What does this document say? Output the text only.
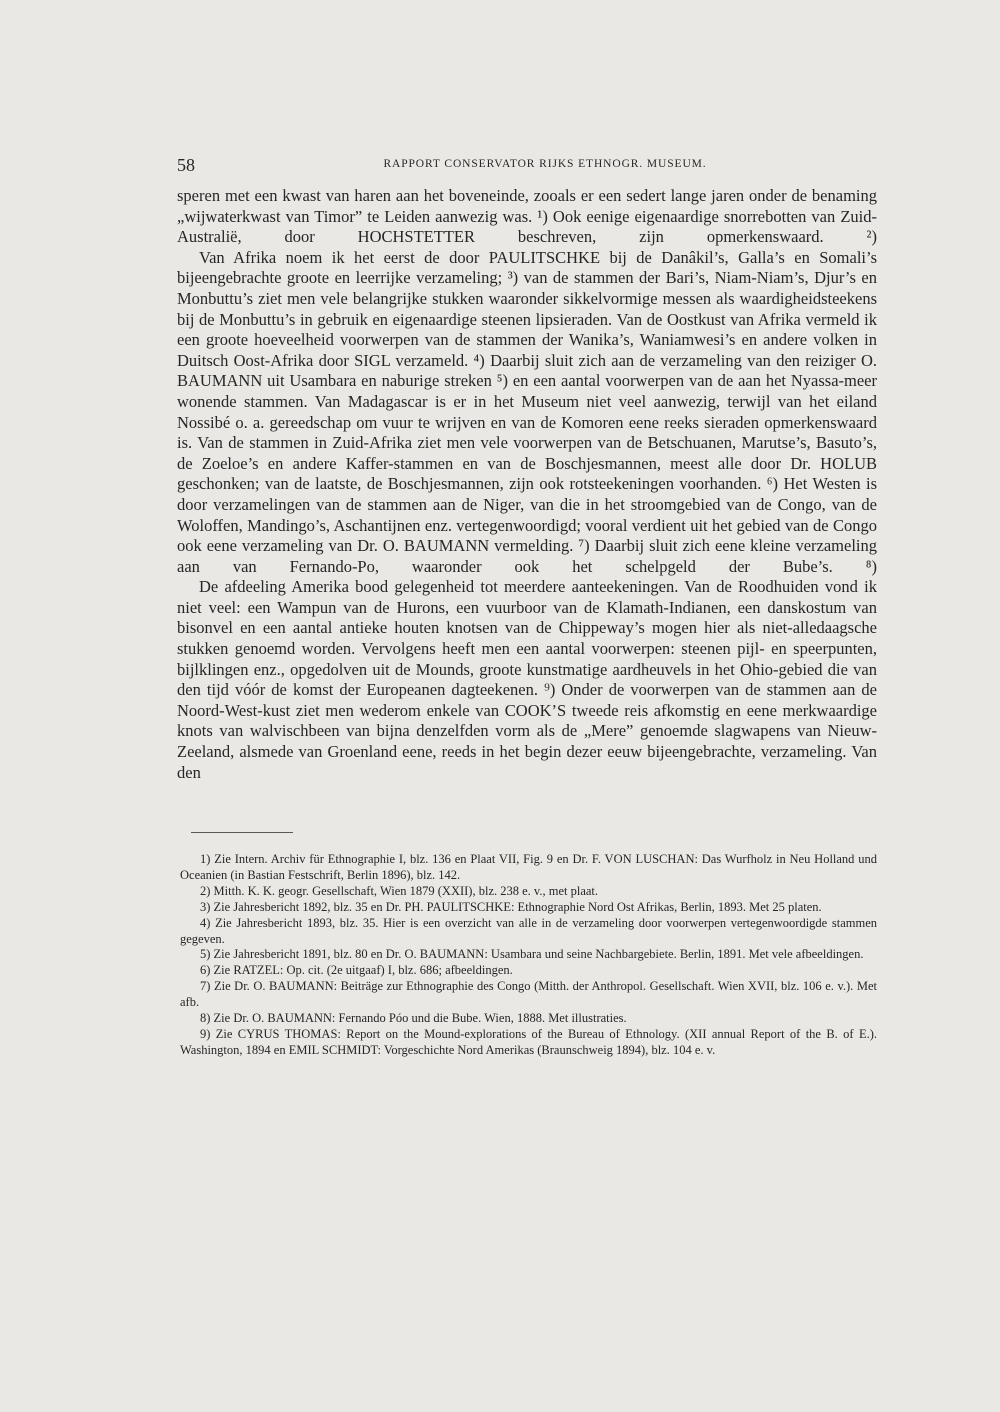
58	RAPPORT CONSERVATOR RIJKS ETHNOGR. MUSEUM.

speren met een kwast van haren aan het boveneinde, zooals er een sedert lange jaren onder de benaming „wijwaterkwast van Timor” te Leiden aanwezig was. ¹) Ook eenige eigenaardige snorrebotten van Zuid-Australië, door HOCHSTETTER beschreven, zijn opmerkenswaard. ²)

Van Afrika noem ik het eerst de door PAULITSCHKE bij de Danâkil’s, Galla’s en Somali’s bijeengebrachte groote en leerrijke verzameling; ³) van de stammen der Bari’s, Niam-Niam’s, Djur’s en Monbuttu’s ziet men vele belangrijke stukken waaronder sikkelvormige messen als waardigheidsteekens bij de Monbuttu’s in gebruik en eigenaardige steenen lipsieraden. Van de Oostkust van Afrika vermeld ik een groote hoeveelheid voorwerpen van de stammen der Wanika’s, Waniamwesi’s en andere volken in Duitsch Oost-Afrika door SIGL verzameld. ⁴) Daarbij sluit zich aan de verzameling van den reiziger O. BAUMANN uit Usambara en naburige streken ⁵) en een aantal voorwerpen van de aan het Nyassa-meer wonende stammen. Van Madagascar is er in het Museum niet veel aanwezig, terwijl van het eiland Nossibé o. a. gereedschap om vuur te wrijven en van de Komoren eene reeks sieraden opmerkenswaard is. Van de stammen in Zuid-Afrika ziet men vele voorwerpen van de Betschuanen, Marutse’s, Basuto’s, de Zoeloe’s en andere Kaffer-stammen en van de Boschjesmannen, meest alle door Dr. HOLUB geschonken; van de laatste, de Boschjesmannen, zijn ook rotsteekeningen voorhanden. ⁶) Het Westen is door verzamelingen van de stammen aan de Niger, van die in het stroomgebied van de Congo, van de Woloffen, Mandingo’s, Aschantijnen enz. vertegenwoordigd; vooral verdient uit het gebied van de Congo ook eene verzameling van Dr. O. BAUMANN vermelding. ⁷) Daarbij sluit zich eene kleine verzameling aan van Fernando-Po, waaronder ook het schelpgeld der Bube’s. ⁸)

De afdeeling Amerika bood gelegenheid tot meerdere aanteekeningen. Van de Roodhuiden vond ik niet veel: een Wampun van de Hurons, een vuurboor van de Klamath-Indianen, een danskostum van bisonvel en een aantal antieke houten knotsen van de Chippeway’s mogen hier als niet-alledaagsche stukken genoemd worden. Vervolgens heeft men een aantal voorwerpen: steenen pijl- en speerpunten, bijlklingen enz., opgedolven uit de Mounds, groote kunstmatige aardheuvels in het Ohio-gebied die van den tijd vóór de komst der Europeanen dagteekenen. ⁹) Onder de voorwerpen van de stammen aan de Noord-West-kust ziet men wederom enkele van COOK’S tweede reis afkomstig en eene merkwaardige knots van walvischbeen van bijna denzelfden vorm als de „Mere” genoemde slagwapens van Nieuw-Zeeland, alsmede van Groenland eene, reeds in het begin dezer eeuw bijeengebrachte, verzameling. Van den

1) Zie Intern. Archiv für Ethnographie I, blz. 136 en Plaat VII, Fig. 9 en Dr. F. VON LUSCHAN: Das Wurfholz in Neu Holland und Oceanien (in Bastian Festschrift, Berlin 1896), blz. 142.

2) Mitth. K. K. geogr. Gesellschaft, Wien 1879 (XXII), blz. 238 e. v., met plaat.

3) Zie Jahresbericht 1892, blz. 35 en Dr. PH. PAULITSCHKE: Ethnographie Nord Ost Afrikas, Berlin, 1893. Met 25 platen.

4) Zie Jahresbericht 1893, blz. 35. Hier is een overzicht van alle in de verzameling door voorwerpen vertegenwoordigde stammen gegeven.

5) Zie Jahresbericht 1891, blz. 80 en Dr. O. BAUMANN: Usambara und seine Nachbargebiete. Berlin, 1891. Met vele afbeeldingen.

6) Zie RATZEL: Op. cit. (2e uitgaaf) I, blz. 686; afbeeldingen.

7) Zie Dr. O. BAUMANN: Beiträge zur Ethnographie des Congo (Mitth. der Anthropol. Gesellschaft. Wien XVII, blz. 106 e. v.). Met afb.

8) Zie Dr. O. BAUMANN: Fernando Póo und die Bube. Wien, 1888. Met illustraties.

9) Zie CYRUS THOMAS: Report on the Mound-explorations of the Bureau of Ethnology. (XII annual Report of the B. of E.). Washington, 1894 en EMIL SCHMIDT: Vorgeschichte Nord Amerikas (Braunschweig 1894), blz. 104 e. v.
